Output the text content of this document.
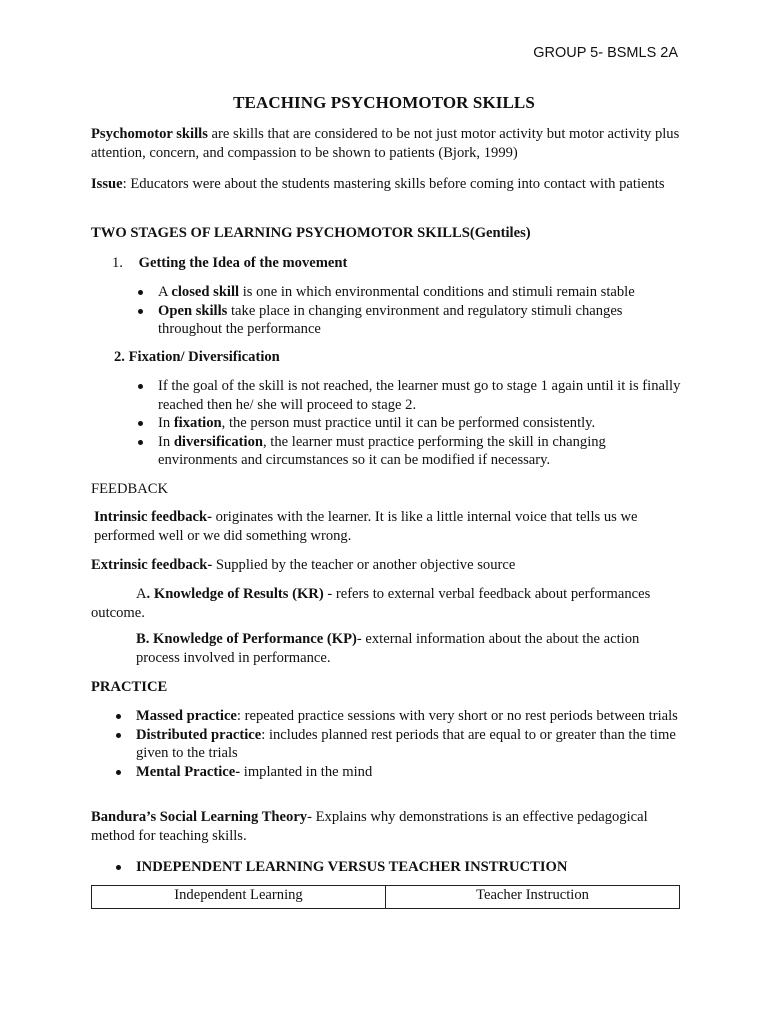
GROUP 5- BSMLS 2A
TEACHING PSYCHOMOTOR SKILLS

Psychomotor skills are skills that are considered to be not just motor activity but motor activity plus attention, concern, and compassion to be shown to patients (Bjork, 1999)

Issue: Educators were about the students mastering skills before coming into contact with patients

TWO STAGES OF LEARNING PSYCHOMOTOR SKILLS(Gentiles)

1. Getting the Idea of the movement

A closed skill is one in which environmental conditions and stimuli remain stable
Open skills take place in changing environment and regulatory stimuli changes throughout the performance

2. Fixation/ Diversification

If the goal of the skill is not reached, the learner must go to stage 1 again until it is finally reached then he/ she will proceed to stage 2.
In fixation, the person must practice until it can be performed consistently.
In diversification, the learner must practice performing the skill in changing environments and circumstances so it can be modified if necessary.

FEEDBACK

Intrinsic feedback- originates with the learner. It is like a little internal voice that tells us we performed well or we did something wrong.

Extrinsic feedback- Supplied by the teacher or another objective source

A. Knowledge of Results (KR) - refers to external verbal feedback about performances outcome.

B. Knowledge of Performance (KP)- external information about the about the action process involved in performance.

PRACTICE

Massed practice: repeated practice sessions with very short or no rest periods between trials
Distributed practice: includes planned rest periods that are equal to or greater than the time given to the trials
Mental Practice- implanted in the mind

Bandura’s Social Learning Theory- Explains why demonstrations is an effective pedagogical method for teaching skills.

INDEPENDENT LEARNING VERSUS TEACHER INSTRUCTION
Independent Learning	Teacher Instruction
